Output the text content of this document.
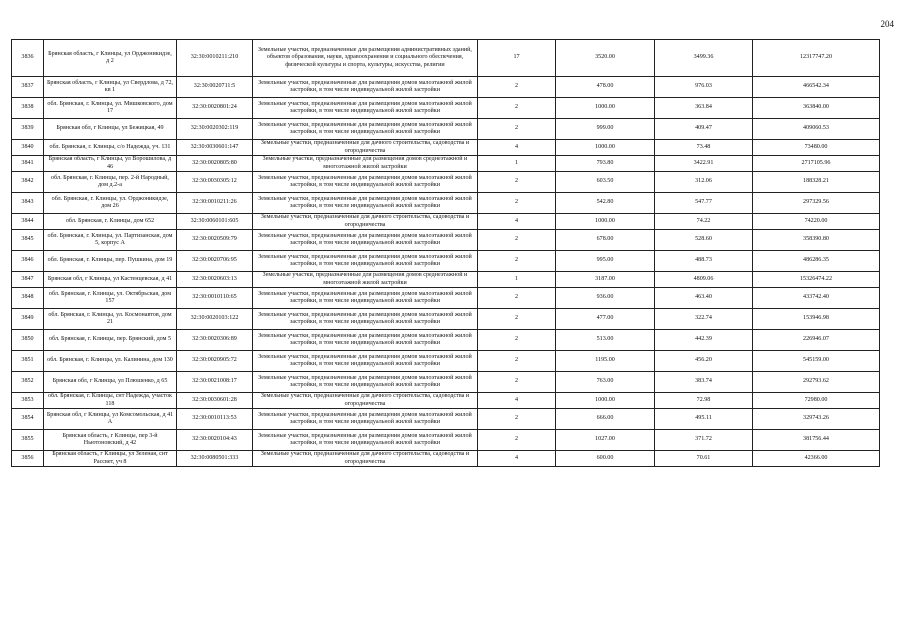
204
3836	Брянская область, г Клинцы, ул Орджоникидзе, д 2	32:30:0010211:210	Земельные участки, предназначенные для размещения административных зданий, объектов образования, науки, здравоохранения и социального обеспечения, физической культуры и спорта, культуры, искусства, религии	17	3520.00	3499.36	12317747.20
3837	Брянская область, г Клинцы, ул Свердлова, д 72, кв 1	32:30:0020711:5	Земельные участки, предназначенные для размещения домов малоэтажной жилой застройки, в том числе индивидуальной жилой застройки	2	478.00	976.03	466542.34
3838	обл. Брянская, г. Клинцы, ул. Мишковского, дом 17	32:30:0020801:24	Земельные участки, предназначенные для размещения домов малоэтажной жилой застройки, в том числе индивидуальной жилой застройки	2	1000.00	363.84	363840.00
3839	Брянская обл, г Клинцы, ул Бежицкая, 49	32:30:0020302:119	Земельные участки, предназначенные для размещения домов малоэтажной жилой застройки, в том числе индивидуальной жилой застройки	2	999.00	409.47	409060.53
3840	обл. Брянская, г. Клинцы, с/о Надежда, уч. 131	32:30:0030601:147	Земельные участки, предназначенные для дачного строительства, садоводства и огородничества	4	1000.00	73.48	73480.00
3841	Брянская область, г Клинцы, ул Ворошилова, д 46	32:30:0020805:80	Земельные участки, предназначенные для размещения домов среднеэтажной и многоэтажной жилой застройки	1	793.80	3422.91	2717105.96
3842	обл. Брянская, г. Клинцы, пер. 2-й Народный, дом д.2-а	32:30:0030305:12	Земельные участки, предназначенные для размещения домов малоэтажной жилой застройки, в том числе индивидуальной жилой застройки	2	603.50	312.06	188328.21
3843	обл. Брянская, г. Клинцы, ул. Орджоникидзе, дом 26	32:30:0010211:26	Земельные участки, предназначенные для размещения домов малоэтажной жилой застройки, в том числе индивидуальной жилой застройки	2	542.80	547.77	297329.56
3844	обл. Брянская, г. Клинцы, дом 652	32:30:0060101:605	Земельные участки, предназначенные для дачного строительства, садоводства и огородничества	4	1000.00	74.22	74220.00
3845	обл. Брянская, г. Клинцы, ул. Партизанская, дом 5, корпус А	32:30:0020509:79	Земельные участки, предназначенные для размещения домов малоэтажной жилой застройки, в том числе индивидуальной жилой застройки	2	678.00	528.60	358390.80
3846	обл. Брянская, г. Клинцы, пер. Пушкина, дом 19	32:30:0020706:95	Земельные участки, предназначенные для размещения домов малоэтажной жилой застройки, в том числе индивидуальной жилой застройки	2	995.00	488.73	486286.35
3847	Брянская обл, г Клинцы, ул Кастенцевская, д 41	32:30:0020603:13	Земельные участки, предназначенные для размещения домов среднеэтажной и многоэтажной жилой застройки	1	3187.00	4809.06	15326474.22
3848	обл. Брянская, г. Клинцы, ул. Октябрьская, дом 157	32:30:0010110:65	Земельные участки, предназначенные для размещения домов малоэтажной жилой застройки, в том числе индивидуальной жилой застройки	2	936.00	463.40	433742.40
3849	обл. Брянская, г. Клинцы, ул. Космонавтов, дом 21	32:30:0020103:122	Земельные участки, предназначенные для размещения домов малоэтажной жилой застройки, в том числе индивидуальной жилой застройки	2	477.00	322.74	153946.98
3850	обл. Брянская, г. Клинцы, пер. Брянский, дом 5	32:30:0020306:89	Земельные участки, предназначенные для размещения домов малоэтажной жилой застройки, в том числе индивидуальной жилой застройки	2	513.00	442.39	226946.07
3851	обл. Брянская, г. Клинцы, ул. Калинина, дом 130	32:30:0020905:72	Земельные участки, предназначенные для размещения домов малоэтажной жилой застройки, в том числе индивидуальной жилой застройки	2	1195.00	456.20	545159.00
3852	Брянская обл, г Клинцы, ул Плюшенко, д 65	32:30:0021008:17	Земельные участки, предназначенные для размещения домов малоэтажной жилой застройки, в том числе индивидуальной жилой застройки	2	763.00	383.74	292793.62
3853	обл. Брянская, г. Клинцы, снт Надежда, участок 118	32:30:0030601:28	Земельные участки, предназначенные для дачного строительства, садоводства и огородничества	4	1000.00	72.98	72980.00
3854	Брянская обл, г Клинцы, ул Комсомольская, д 41 А	32:30:0010113:53	Земельные участки, предназначенные для размещения домов малоэтажной жилой застройки, в том числе индивидуальной жилой застройки	2	666.00	495.11	329743.26
3855	Брянская область, г Клинцы, пер 3-й Ньютоновский, д 42	32:30:0020104:43	Земельные участки, предназначенные для размещения домов малоэтажной жилой застройки, в том числе индивидуальной жилой застройки	2	1027.00	371.72	381756.44
3856	Брянская область, г Клинцы, ул Зеленая, снт Рассвет, уч 8	32:30:0080501:333	Земельные участки, предназначенные для дачного строительства, садоводства и огородничества	4	600.00	70.61	42366.00
